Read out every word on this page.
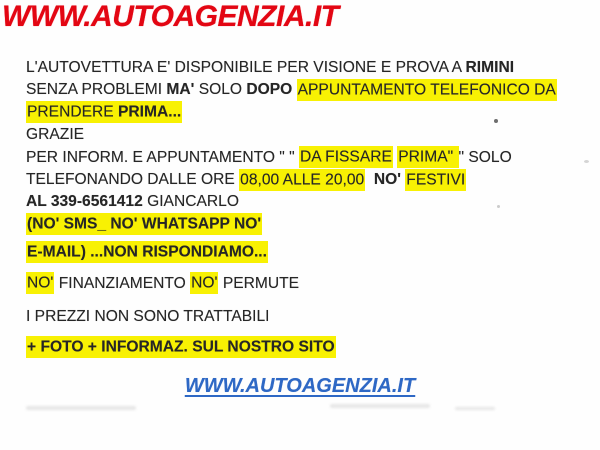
WWW.AUTOAGENZIA.IT

L'AUTOVETTURA E' DISPONIBILE PER VISIONE E PROVA A RIMINI

SENZA PROBLEMI MA' SOLO DOPO APPUNTAMENTO TELEFONICO DA

PRENDERE PRIMA...

GRAZIE

PER INFORM. E APPUNTAMENTO " " DA FISSARE PRIMA" " SOLO

TELEFONANDO DALLE ORE 08,00 ALLE 20,00 NO' FESTIVI

AL 339-6561412 GIANCARLO

(NO' SMS_ NO' WHATSAPP NO'

E-MAIL) ...NON RISPONDIAMO...

NO' FINANZIAMENTO NO' PERMUTE

I PREZZI NON SONO TRATTABILI

+ FOTO + INFORMAZ. SUL NOSTRO SITO

WWW.AUTOAGENZIA.IT
